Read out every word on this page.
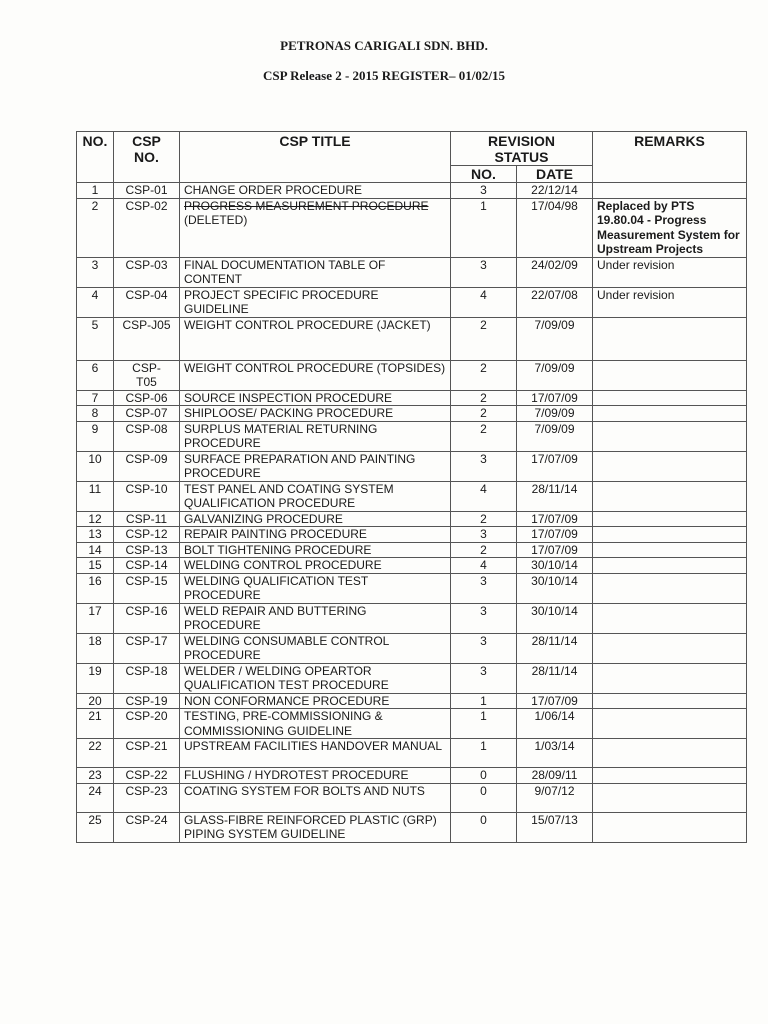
PETRONAS CARIGALI SDN. BHD.
CSP Release 2 - 2015 REGISTER– 01/02/15
NO.	CSP NO.	CSP TITLE	REVISION STATUS		REMARKS
			NO.	DATE	
1	CSP-01	CHANGE ORDER PROCEDURE	3	22/12/14	
2	CSP-02	PROGRESS MEASUREMENT PROCEDURE (DELETED)	1	17/04/98	Replaced by PTS 19.80.04 - Progress Measurement System for Upstream Projects
3	CSP-03	FINAL DOCUMENTATION TABLE OF CONTENT	3	24/02/09	Under revision
4	CSP-04	PROJECT SPECIFIC PROCEDURE GUIDELINE	4	22/07/08	Under revision
5	CSP-J05	WEIGHT CONTROL PROCEDURE (JACKET)	2	7/09/09	
6	CSP-T05	WEIGHT CONTROL PROCEDURE (TOPSIDES)	2	7/09/09	
7	CSP-06	SOURCE INSPECTION PROCEDURE	2	17/07/09	
8	CSP-07	SHIPLOOSE/ PACKING PROCEDURE	2	7/09/09	
9	CSP-08	SURPLUS MATERIAL RETURNING PROCEDURE	2	7/09/09	
10	CSP-09	SURFACE PREPARATION AND PAINTING PROCEDURE	3	17/07/09	
11	CSP-10	TEST PANEL AND COATING SYSTEM QUALIFICATION PROCEDURE	4	28/11/14	
12	CSP-11	GALVANIZING PROCEDURE	2	17/07/09	
13	CSP-12	REPAIR PAINTING PROCEDURE	3	17/07/09	
14	CSP-13	BOLT TIGHTENING PROCEDURE	2	17/07/09	
15	CSP-14	WELDING CONTROL PROCEDURE	4	30/10/14	
16	CSP-15	WELDING QUALIFICATION TEST PROCEDURE	3	30/10/14	
17	CSP-16	WELD REPAIR AND BUTTERING PROCEDURE	3	30/10/14	
18	CSP-17	WELDING CONSUMABLE CONTROL PROCEDURE	3	28/11/14	
19	CSP-18	WELDER / WELDING OPEARTOR QUALIFICATION TEST PROCEDURE	3	28/11/14	
20	CSP-19	NON CONFORMANCE PROCEDURE	1	17/07/09	
21	CSP-20	TESTING, PRE-COMMISSIONING & COMMISSIONING GUIDELINE	1	1/06/14	
22	CSP-21	UPSTREAM FACILITIES HANDOVER MANUAL	1	1/03/14	
23	CSP-22	FLUSHING / HYDROTEST PROCEDURE	0	28/09/11	
24	CSP-23	COATING SYSTEM FOR BOLTS AND NUTS	0	9/07/12	
25	CSP-24	GLASS-FIBRE REINFORCED PLASTIC (GRP) PIPING SYSTEM GUIDELINE	0	15/07/13	
